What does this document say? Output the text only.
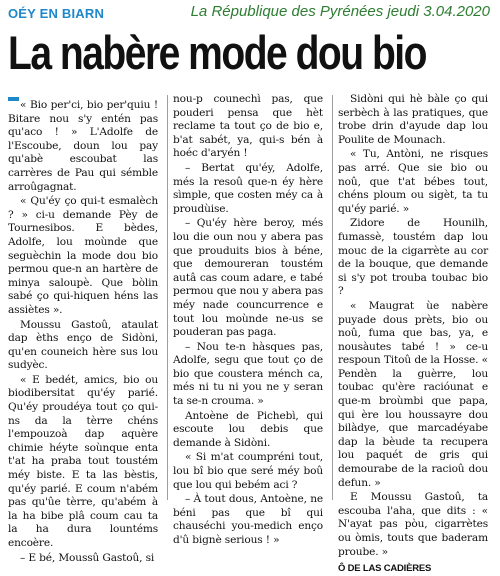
OÉY EN BIARN	La République des Pyrénées jeudi 3.04.2020
La nabère mode dou bio

« Bio per'ci, bio per'quiu ! Bitare nou s'y entén pas qu'aco ! » L'Adolfe de l'Escoube, doun lou pay qu'abè escoubat las carrères de Pau qui sémble arroûgagnat.

« Qu'éy ço qui-t esmalèch ? » ci-u demande Pèy de Tournesibos. E bèdes, Adolfe, lou moùnde que seguèchin la mode dou bio permou que-n an hartère de minya saloupè. Que bòlin sabé ço qui-hiquen héns las assiètes ».

Moussu Gastoû, ataulat dap èths enço de Sidòni, qu'en couneich hère sus lou sudyèc.

« E bedét, amics, bio ou biodibersitat qu'éy parié. Qu'éy proudéya tout ço qui-ns da la tèrre chéns l'empouzoà dap aquère chimie héyte soùnque enta t'at ha praba tout toustém méy biste. E ta las bèstis, qu'éy parié. E coum n'abém pas qu'ûe tèrre, qu'abém à la ha bibe plâ coum cau ta la ha dura lountéms encoère.

– E bé, Moussû Gastoû, si

nou-p counechì pas, que pouderi pensa que hèt reclame ta tout ço de bio e, b'at sabét, ya, qui-s bén à hoéc d'aryén !

– Bertat qu'éy, Adolfe, més la resoû que-n éy hère sìmple, que costen méy ca à proudùise.

– Qu'éy hère beroy, més lou die oun nou y abera pas que prouduits bios à béne, que demoureran toustém autâ cas coum adare, e tabé permou que nou y abera pas méy nade councurrence e tout lou moùnde ne-us se pouderan pas paga.

– Nou te-n hàsques pas, Adolfe, segu que tout ço de bio que coustera ménch ca, més ni tu ni you ne y seran ta se-n crouma. »

Antoène de Pichebì, qui escoute lou debis que demande à Sidòni.

« Si m'at coumpréni tout, lou bî bio que seré méy boû que lou qui bebém aci ?

– À tout dous, Antoène, ne béni pas que bî qui chauséchi you-medich enço d'û bignè serious ! »

Sidòni qui hè bàle ço qui serbèch à las pratiques, que trobe drin d'ayude dap lou Poulite de Mounach.

« Tu, Antòni, ne risques pas arré. Que sie bio ou noû, que t'at bébes tout, chéns ploum ou sigèt, ta tu qu'éy parié. »

Zidore de Hounilh, fumassè, toustém dap lou mouc de la cigarrète au cor de la bouque, que demande si s'y pot trouba toubac bio ?

« Maugrat ùe nabère puyade dous prèts, bio ou noû, fuma que bas, ya, e nousàutes tabé ! » ce-u respoun Titoû de la Hosse. « Pendèn la guèrre, lou toubac qu'ère racióunat e que-m broùmbi que papa, qui ère lou houssayre dou bilàdye, que marcadéyabe dap la bèude ta recupera lou paquét de gris qui demourabe de la racioû dou defun. »

E Moussu Gastoû, ta escouba l'aha, que dits : « N'ayat pas pòu, cigarrètes ou òmis, touts que baderam proube. »

Ô DE LAS CADIÈRES
